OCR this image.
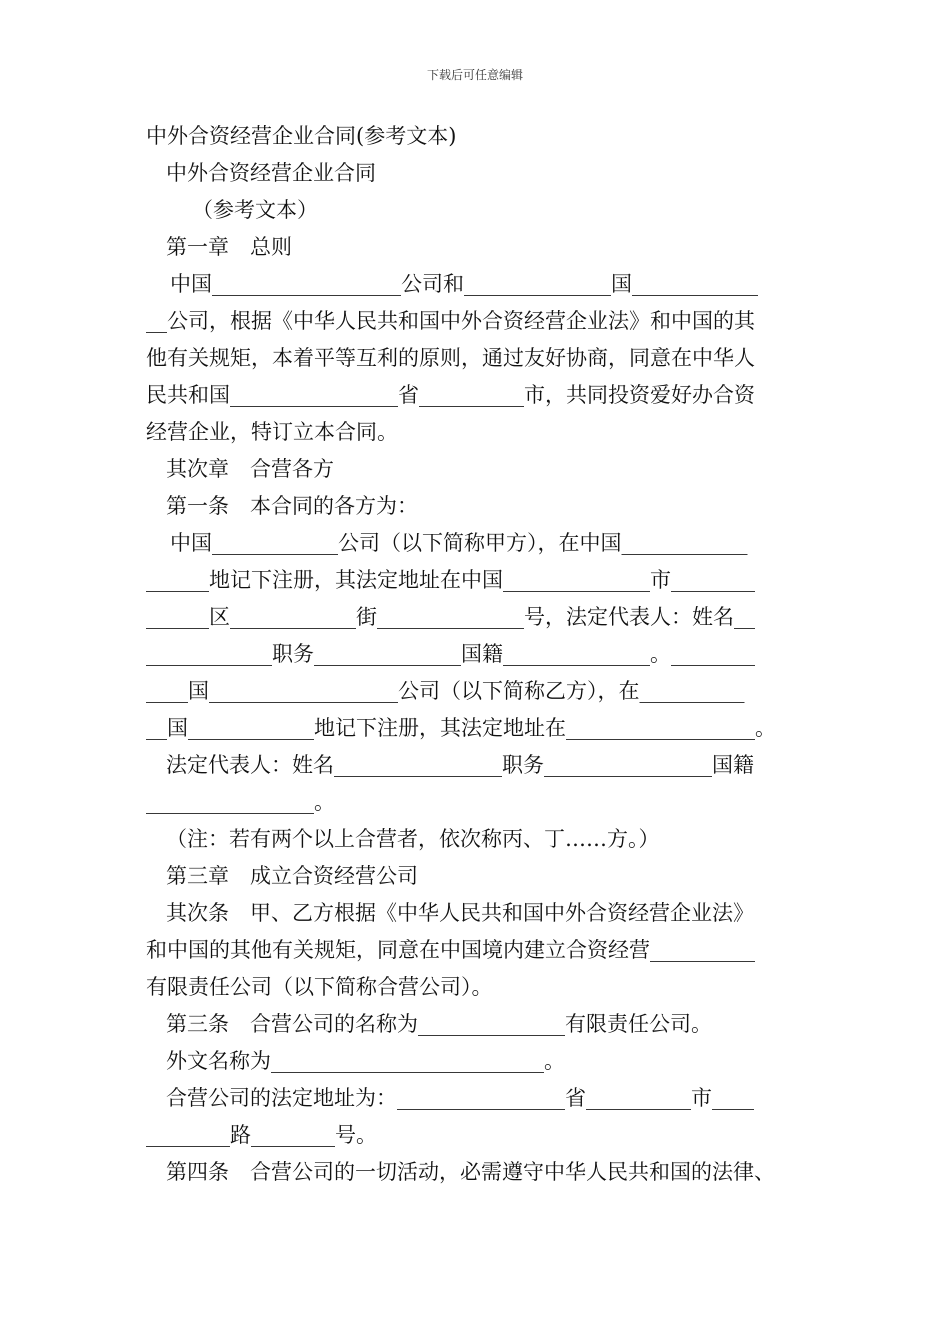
下载后可任意编辑
中外合资经营企业合同(参考文本)
中外合资经营企业合同
（参考文本）
第一章　总则
中国__________________公司和______________国____________
__公司，根据《中华人民共和国中外合资经营企业法》和中国的其
他有关规矩，本着平等互利的原则，通过友好协商，同意在中华人
民共和国________________省__________市，共同投资爱好办合资
经营企业，特订立本合同。
其次章　合营各方
第一条　本合同的各方为：
中国____________公司（以下简称甲方），在中国____________
______地记下注册，其法定地址在中国______________市________
______区____________街______________号，法定代表人：姓名__
____________职务______________国籍______________。________
____国__________________公司（以下简称乙方），在__________
__国____________地记下注册，其法定地址在__________________。
法定代表人：姓名________________职务________________国籍
________________。
（注：若有两个以上合营者，依次称丙、丁……方。）
第三章　成立合资经营公司
其次条　甲、乙方根据《中华人民共和国中外合资经营企业法》
和中国的其他有关规矩，同意在中国境内建立合资经营__________
有限责任公司（以下简称合营公司）。
第三条　合营公司的名称为______________有限责任公司。
外文名称为__________________________。
合营公司的法定地址为：________________省__________市____
________路________号。
第四条　合营公司的一切活动，必需遵守中华人民共和国的法律、
